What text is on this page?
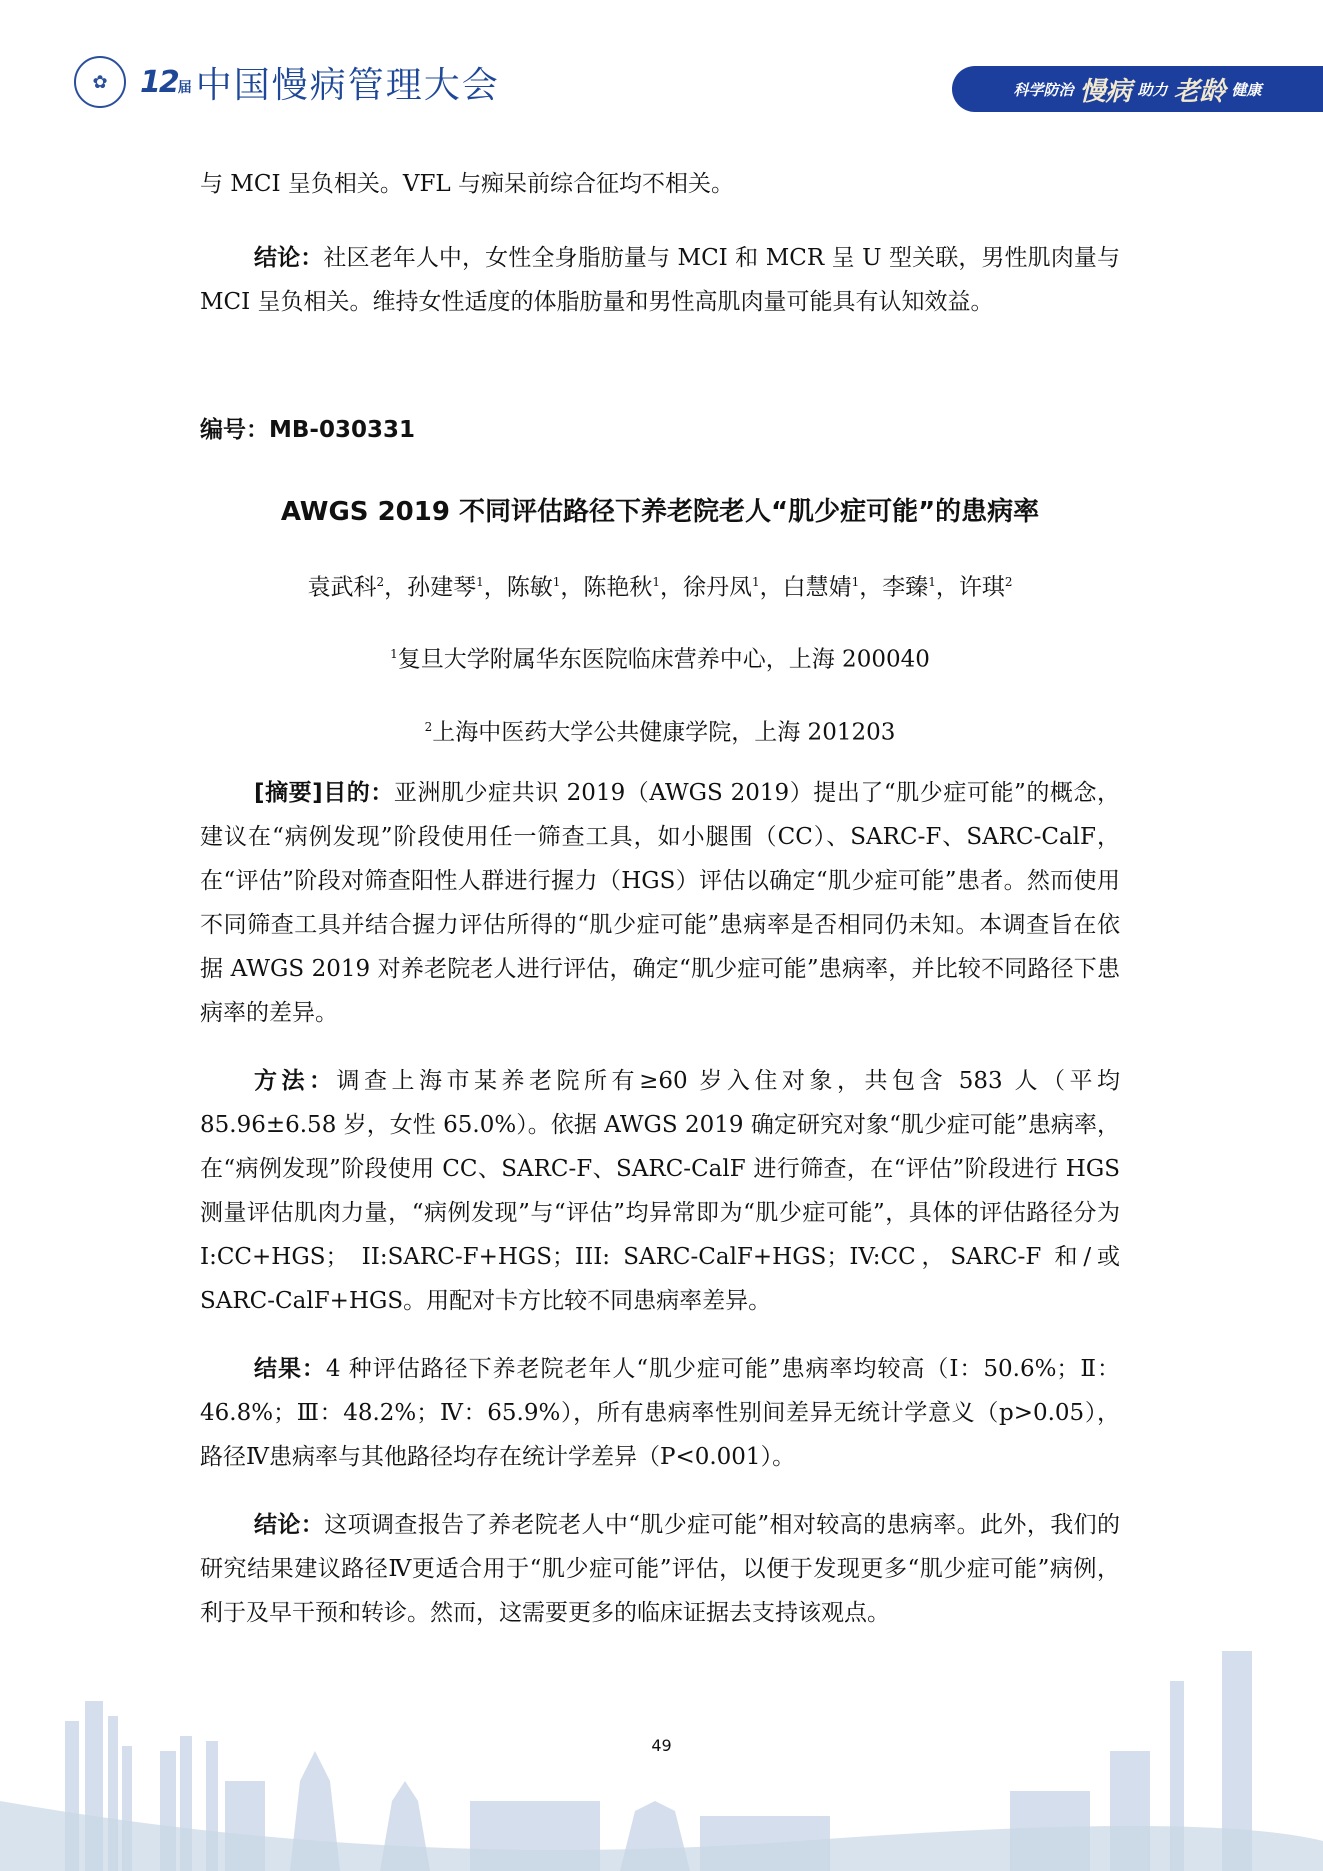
✿	12届 中国慢病管理大会	科学防治 慢病 助力 老龄 健康

与 MCI 呈负相关。VFL 与痴呆前综合征均不相关。

结论：社区老年人中，女性全身脂肪量与 MCI 和 MCR 呈 U 型关联，男性肌肉量与 MCI 呈负相关。维持女性适度的体脂肪量和男性高肌肉量可能具有认知效益。

编号：MB-030331

AWGS 2019 不同评估路径下养老院老人“肌少症可能”的患病率

袁武科$^2$，孙建琴$^1$，陈敏$^1$，陈艳秋$^1$，徐丹凤$^1$，白慧婧$^1$，李臻$^1$，许琪$^2$

$^1$复旦大学附属华东医院临床营养中心，上海 200040

$^2$上海中医药大学公共健康学院，上海 201203

[摘要]目的：亚洲肌少症共识 2019（AWGS 2019）提出了“肌少症可能”的概念，建议在“病例发现”阶段使用任一筛查工具，如小腿围（CC）、SARC-F、SARC-CalF，在“评估”阶段对筛查阳性人群进行握力（HGS）评估以确定“肌少症可能”患者。然而使用不同筛查工具并结合握力评估所得的“肌少症可能”患病率是否相同仍未知。本调查旨在依据 AWGS 2019 对养老院老人进行评估，确定“肌少症可能”患病率，并比较不同路径下患病率的差异。

方法：调查上海市某养老院所有≥60 岁入住对象，共包含 583 人（平均 85.96±6.58 岁，女性 65.0%）。依据 AWGS 2019 确定研究对象“肌少症可能”患病率，在“病例发现”阶段使用 CC、SARC-F、SARC-CalF 进行筛查，在“评估”阶段进行 HGS 测量评估肌肉力量，“病例发现”与“评估”均异常即为“肌少症可能”，具体的评估路径分为 I:CC+HGS； II:SARC-F+HGS；III: SARC-CalF+HGS；IV:CC，SARC-F 和/或 SARC-CalF+HGS。用配对卡方比较不同患病率差异。

结果：4 种评估路径下养老院老年人“肌少症可能”患病率均较高（Ⅰ：50.6%；Ⅱ：46.8%；Ⅲ：48.2%；Ⅳ：65.9%），所有患病率性别间差异无统计学意义（p>0.05），路径Ⅳ患病率与其他路径均存在统计学差异（P<0.001）。

结论：这项调查报告了养老院老人中“肌少症可能”相对较高的患病率。此外，我们的研究结果建议路径Ⅳ更适合用于“肌少症可能”评估，以便于发现更多“肌少症可能”病例，利于及早干预和转诊。然而，这需要更多的临床证据去支持该观点。

49
